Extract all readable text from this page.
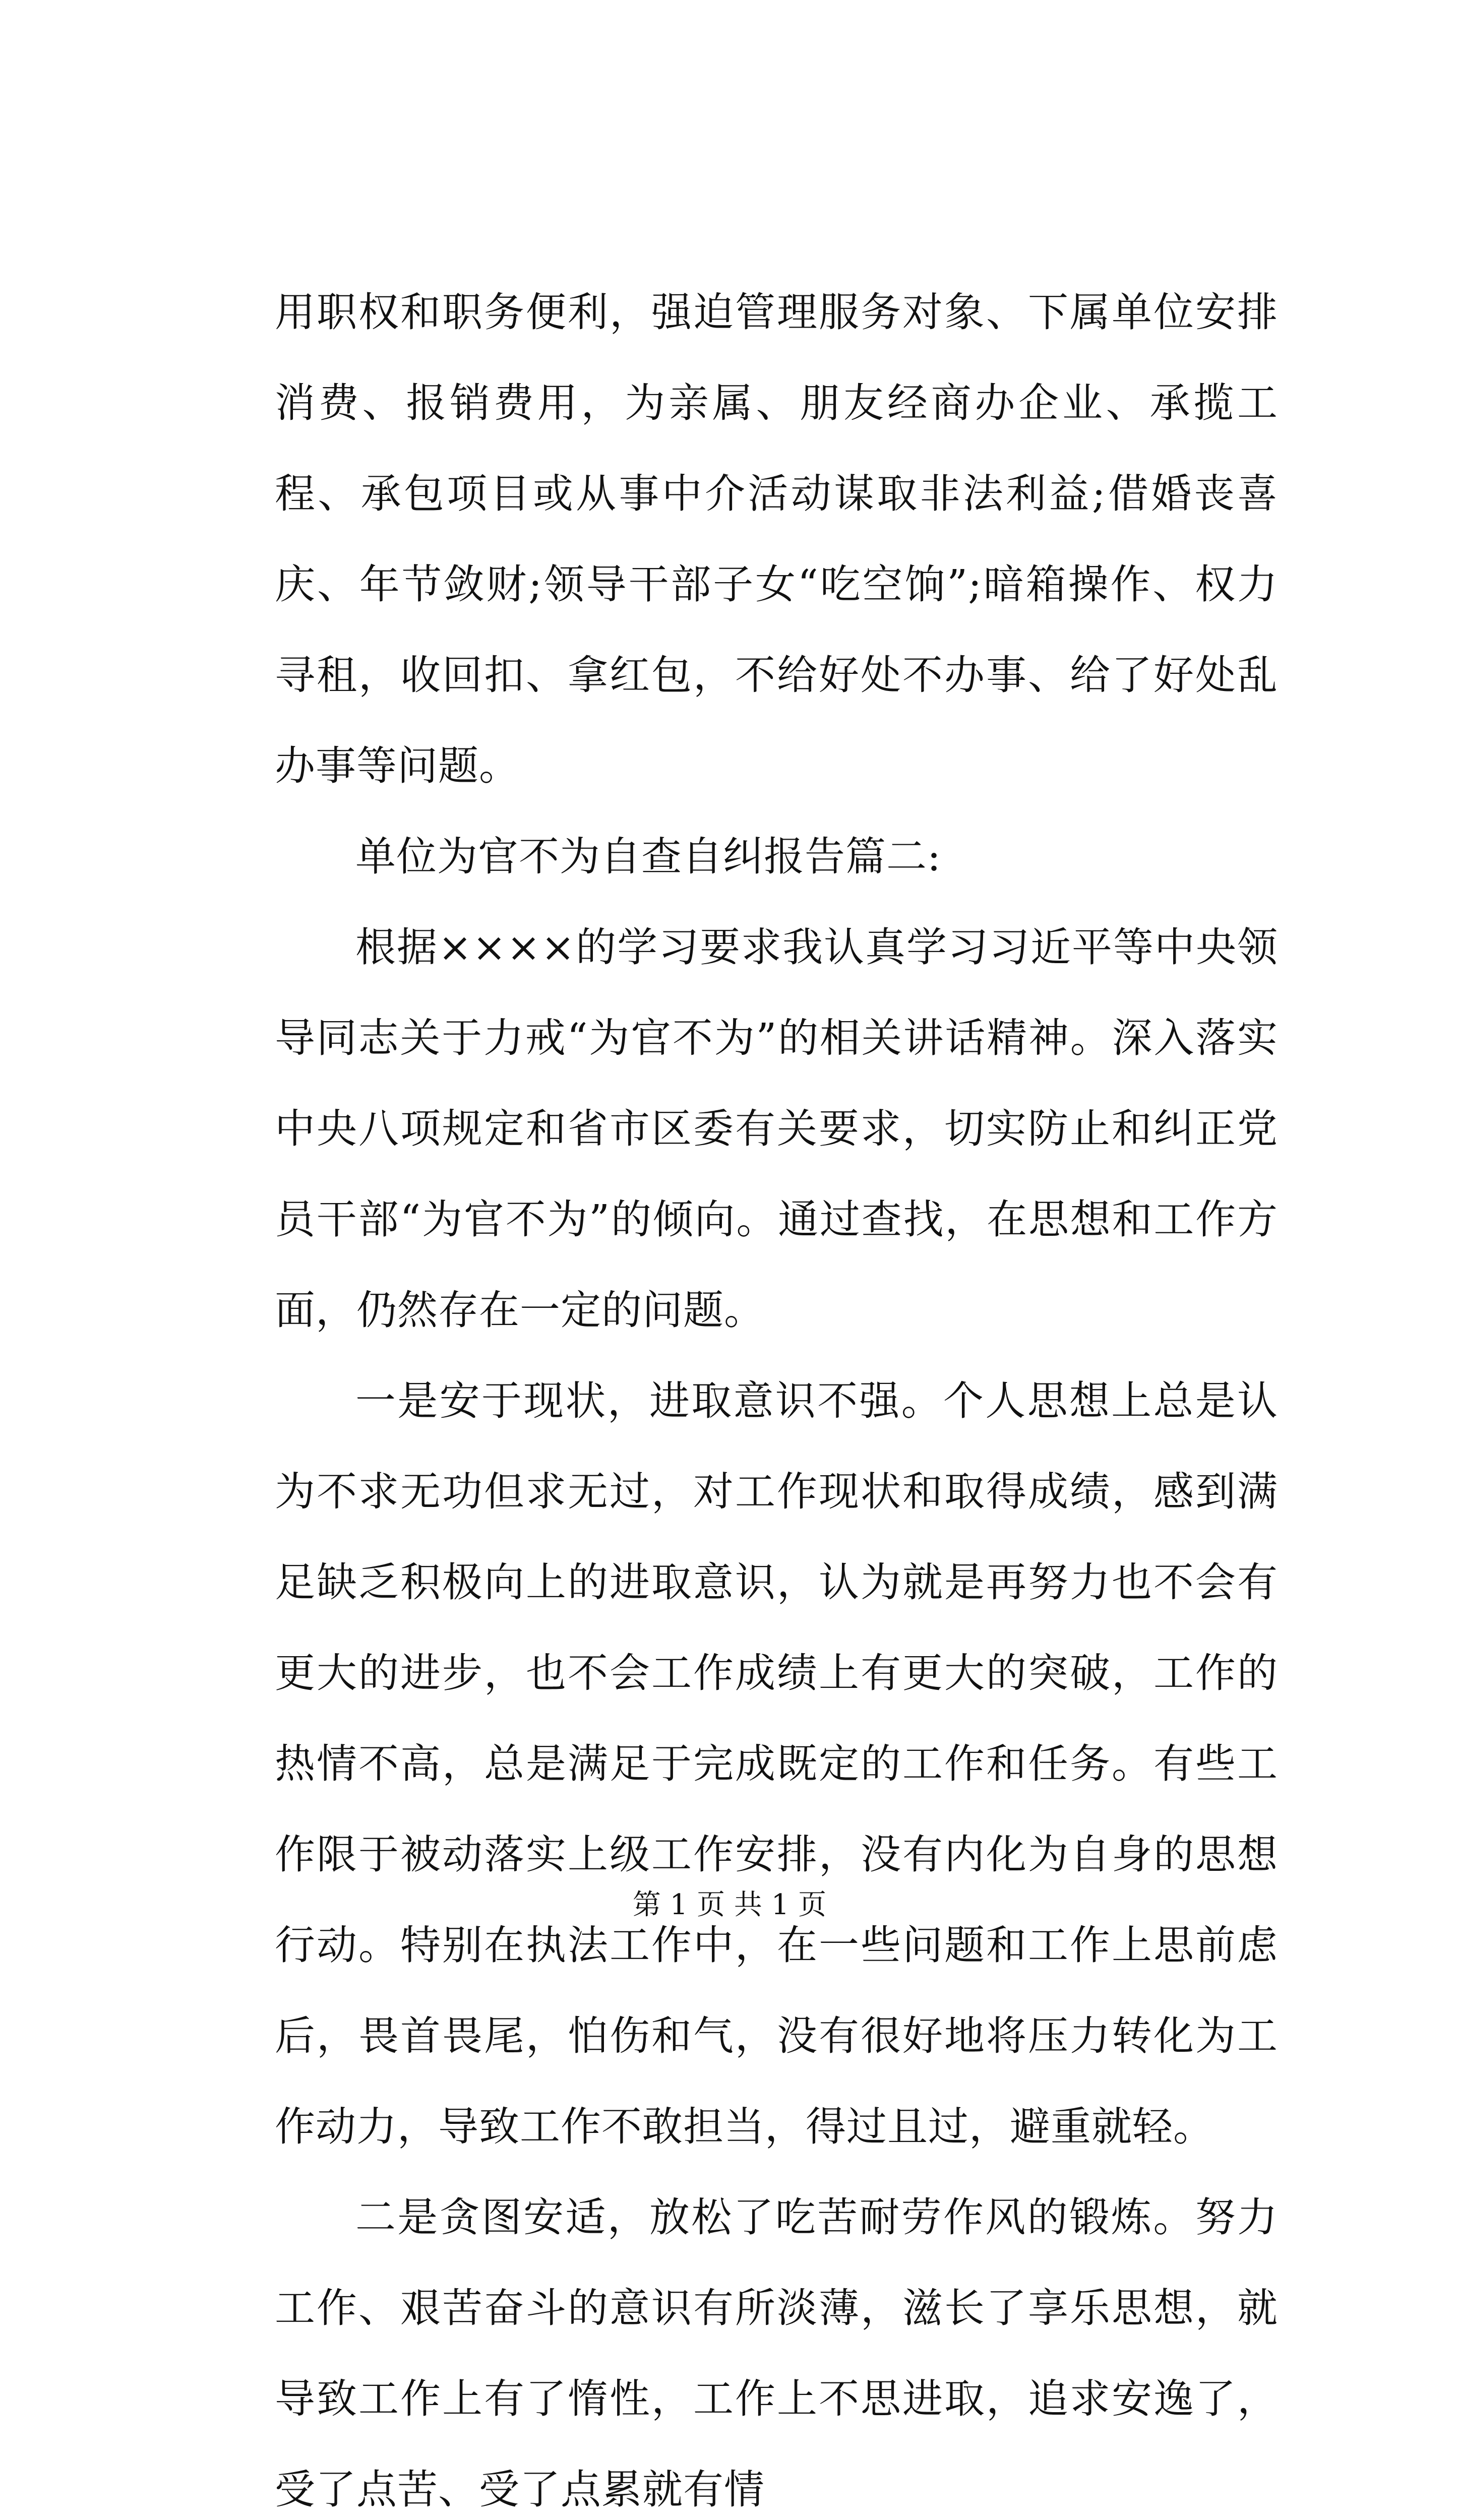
用职权和职务便利，强迫管理服务对象、下属单位安排消费、报销费用，为亲属、朋友经商办企业、承揽工程、承包项目或从事中介活动谋取非法利益;借婚丧喜庆、年节敛财;领导干部子女“吃空饷”;暗箱操作、权力寻租，收回扣、拿红包，不给好处不办事、给了好处乱办事等问题。

单位为官不为自查自纠报告篇二:

根据××××的学习要求我认真学习习近平等中央领导同志关于力戒“为官不为”的相关讲话精神。深入落实中央八项规定和省市区委有关要求，切实防止和纠正党员干部“为官不为”的倾向。通过查找，在思想和工作方面，仍然存在一定的问题。

一是安于现状，进取意识不强。个人思想上总是认为不求无功但求无过，对工作现状和取得成绩，感到满足缺乏积极向上的进取意识，认为就是再努力也不会有更大的进步，也不会工作成绩上有更大的突破，工作的热情不高，总是满足于完成既定的工作和任务。有些工作限于被动落实上级工作安排，没有内化为自身的思想行动。特别在执法工作中，在一些问题和工作上思前虑后，畏首畏尾，怕伤和气，没有很好地将压力转化为工作动力，导致工作不敢担当，得过且过，避重就轻。

二是贪图安适，放松了吃苦耐劳作风的锻炼。努力工作、艰苦奋斗的意识有所淡薄，滋长了享乐思想，就导致工作上有了惰性，工作上不思进取，追求安逸了，受了点苦、受了点累就有情

第 1 页 共 1 页
